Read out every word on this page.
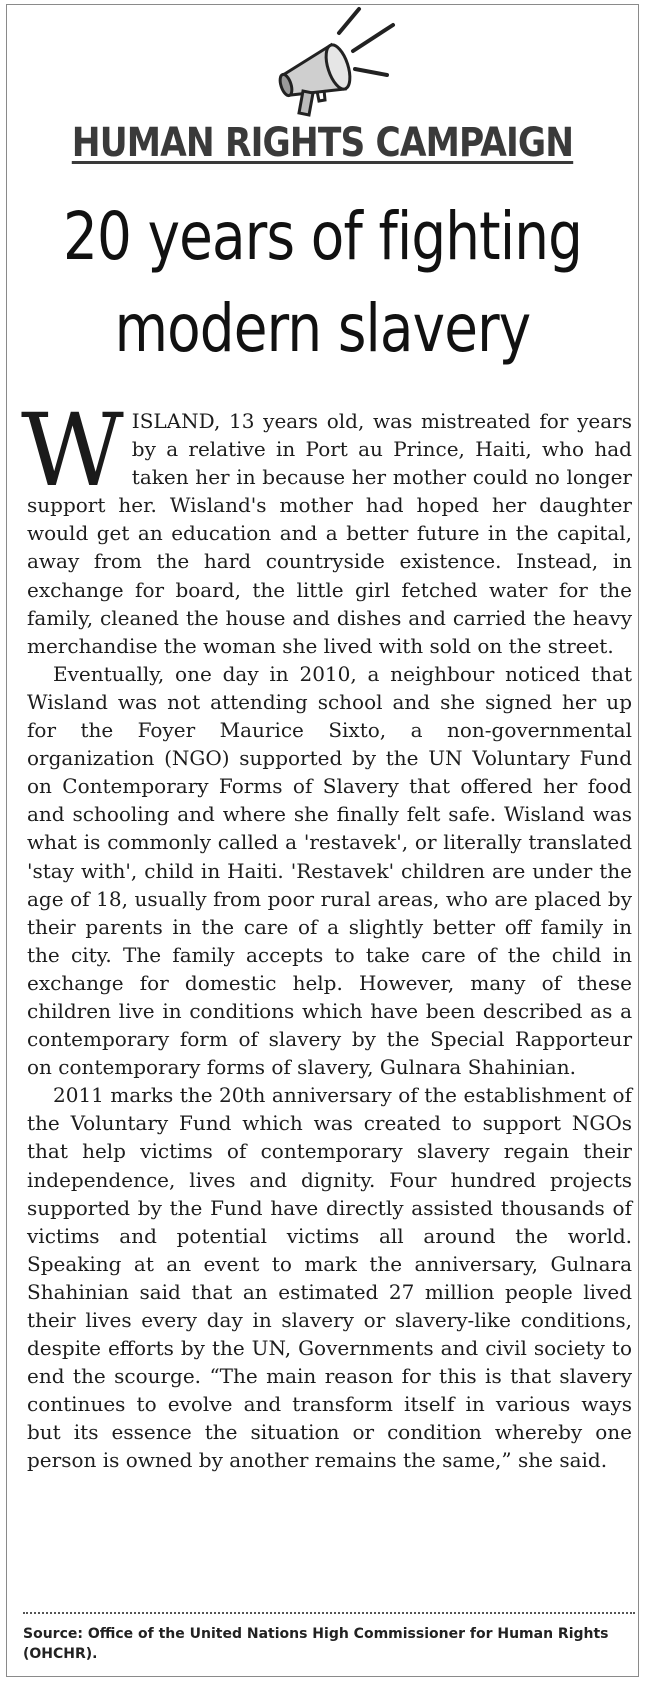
HUMAN RIGHTS CAMPAIGN
20 years of fighting
modern slavery

WISLAND, 13 years old, was mistreated for years by a relative in Port au Prince, Haiti, who had taken her in because her mother could no longer support her. Wisland's mother had hoped her daughter would get an education and a better future in the capital, away from the hard countryside existence. Instead, in exchange for board, the little girl fetched water for the family, cleaned the house and dishes and carried the heavy merchandise the woman she lived with sold on the street.

Eventually, one day in 2010, a neighbour noticed that Wisland was not attending school and she signed her up for the Foyer Maurice Sixto, a non-governmental organization (NGO) supported by the UN Voluntary Fund on Contemporary Forms of Slavery that offered her food and schooling and where she finally felt safe. Wisland was what is commonly called a 'restavek', or literally translated 'stay with', child in Haiti. 'Restavek' children are under the age of 18, usually from poor rural areas, who are placed by their parents in the care of a slightly better off family in the city. The family accepts to take care of the child in exchange for domestic help. However, many of these children live in conditions which have been described as a contemporary form of slavery by the Special Rapporteur on contemporary forms of slavery, Gulnara Shahinian.

2011 marks the 20th anniversary of the establishment of the Voluntary Fund which was created to support NGOs that help victims of contemporary slavery regain their independence, lives and dignity. Four hundred projects supported by the Fund have directly assisted thousands of victims and potential victims all around the world. Speaking at an event to mark the anniversary, Gulnara Shahinian said that an estimated 27 million people lived their lives every day in slavery or slavery-like conditions, despite efforts by the UN, Governments and civil society to end the scourge. “The main reason for this is that slavery continues to evolve and transform itself in various ways but its essence the situation or condition whereby one person is owned by another remains the same,” she said.

Source: Office of the United Nations High Commissioner for Human Rights (OHCHR).
